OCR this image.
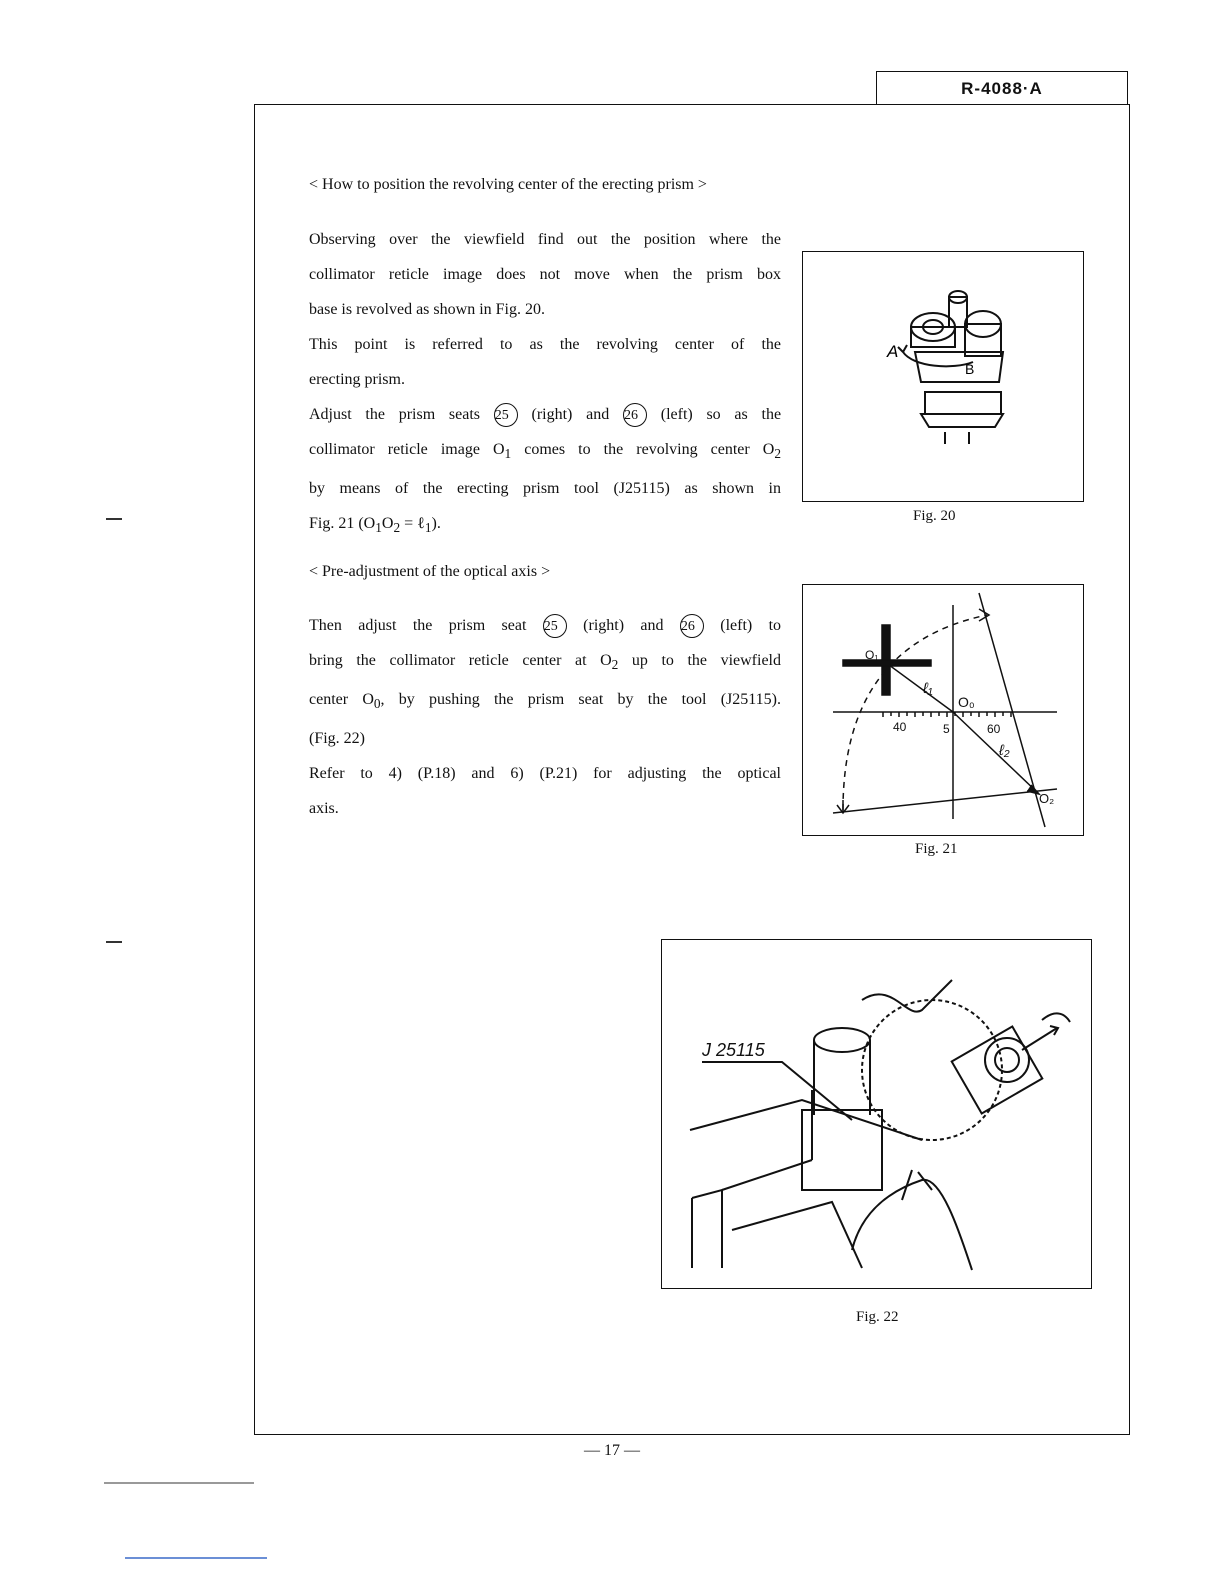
R-4088·A
< How to position the revolving center of the erecting prism >

Observing over the viewfield find out the position where the

collimator reticle image does not move when the prism box

base is revolved as shown in Fig. 20.

This point is referred to as the revolving center of the

erecting prism.

Adjust the prism seats 25 (right) and 26 (left) so as the

collimator reticle image $O_1$ comes to the revolving center $O_2$

by means of the erecting prism tool (J25115) as shown in

Fig. 21 ($O_1O_2$ = ℓ$_1$).

< Pre-adjustment of the optical axis >

Then adjust the prism seat 25 (right) and 26 (left) to

bring the collimator reticle center at $O_2$ up to the viewfield

center $O_0$, by pushing the prism seat by the tool (J25115).

(Fig. 22)

Refer to 4) (P.18) and 6) (P.21) for adjusting the optical

axis.

A
B
Fig. 20
O₁
O₀
O₂
ℓ₁
ℓ₂
40	5	60
Fig. 21
J 25115
Fig. 22
— 17 —
